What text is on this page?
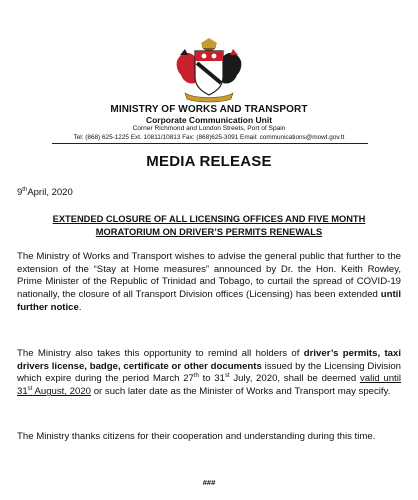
MINISTRY OF WORKS AND TRANSPORT
Corporate Communication Unit
Corner Richmond and London Streets, Port of Spain
Tel: (868) 625-1225 Ext. 10811/10813 Fax: (868)625-3091 Email: communications@mowt.gov.tt
MEDIA RELEASE
9thApril, 2020
EXTENDED CLOSURE OF ALL LICENSING OFFICES AND FIVE MONTH
MORATORIUM ON DRIVER’S PERMITS RENEWALS
The Ministry of Works and Transport wishes to advise the general public that further to the extension of the “Stay at Home measures” announced by Dr. the Hon. Keith Rowley, Prime Minister of the Republic of Trinidad and Tobago, to curtail the spread of COVID-19 nationally, the closure of all Transport Division offices (Licensing) has been extended until further notice.
The Ministry also takes this opportunity to remind all holders of driver’s permits, taxi drivers license, badge, certificate or other documents issued by the Licensing Division which expire during the period March 27th to 31st July, 2020, shall be deemed valid until 31st August, 2020 or such later date as the Minister of Works and Transport may specify.
The Ministry thanks citizens for their cooperation and understanding during this time.
###
